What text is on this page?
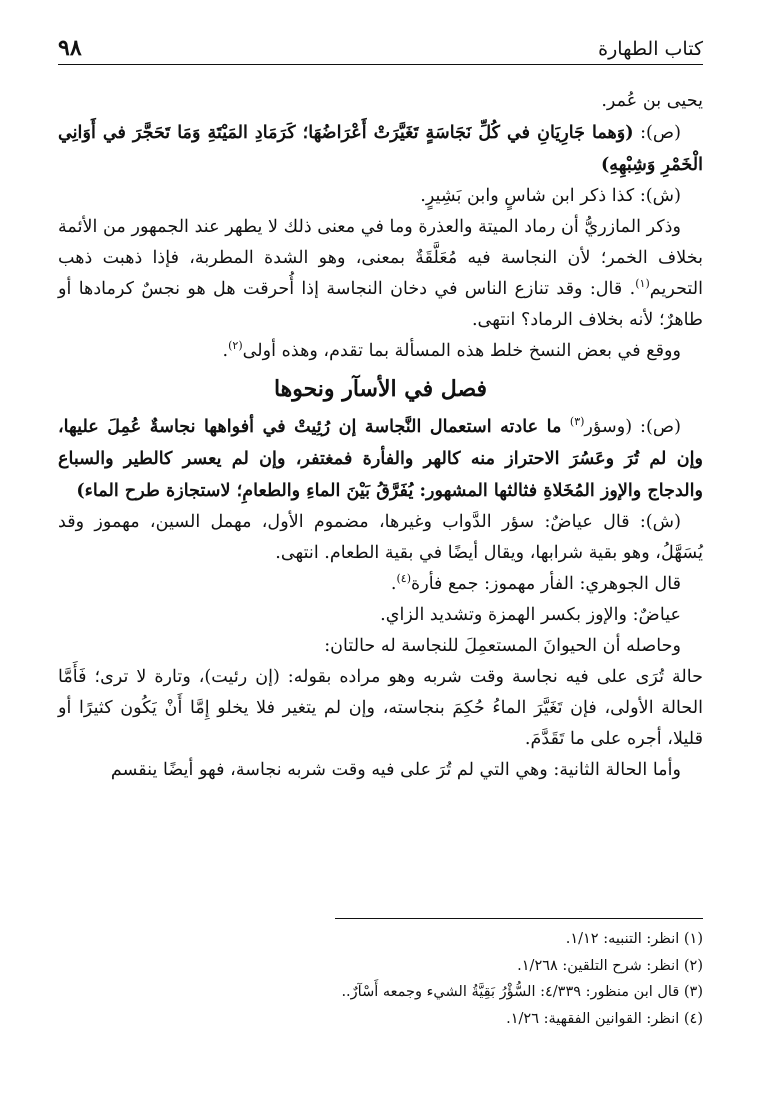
كتاب الطهارة
٩٨

يحيى بن عُمر.

(ص): (وَهما جَارِيَانِ في كُلِّ نَجَاسَةٍ تَغَيَّرَتْ أَعْرَاضُهَا؛ كَرَمَادِ المَيْتَةِ وَمَا تَحَجَّرَ في أَوَانِي الْخَمْرِ وَشِبْهِهِ)

(ش): كذا ذكر ابن شاسٍ وابن بَشِيرٍ.

وذكر المازريُّ أن رماد الميتة والعذرة وما في معنى ذلك لا يطهر عند الجمهور من الأئمة بخلاف الخمر؛ لأن النجاسة فيه مُعَلَّقَةٌ بمعنى، وهو الشدة المطربة، فإذا ذهبت ذهب التحريم$^{(١)}$. قال: وقد تنازع الناس في دخان النجاسة إذا أُحرقت هل هو نجسٌ كرمادها أو طاهرٌ؛ لأنه بخلاف الرماد؟ انتهى.

ووقع في بعض النسخ خلط هذه المسألة بما تقدم، وهذه أولى$^{(٢)}$.

فصل في الأسآر ونحوها

(ص): (وسؤر$^{(٣)}$ ما عادته استعمال النَّجاسة إن رُئِيتْ في أفواهها نجاسةٌ عُمِلَ عليها، وإن لم تُرَ وعَسُرَ الاحتراز منه كالهر والفأرة فمغتفر، وإن لم يعسر كالطير والسباع والدجاج والإوز المُخَلاةِ فثالثها المشهور: يُفَرَّقُ بَيْنَ الماءِ والطعامِ؛ لاستجازة طرح الماء)

(ش): قال عياضٌ: سؤر الدَّواب وغيرها، مضموم الأول، مهمل السين، مهموز وقد يُسَهَّلُ، وهو بقية شرابها، ويقال أيضًا في بقية الطعام. انتهى.

قال الجوهري: الفأر مهموز: جمع فأرة$^{(٤)}$.

عياضٌ: والإوز بكسر الهمزة وتشديد الزاي.

وحاصله أن الحيوانَ المستعمِلَ للنجاسة له حالتان:

حالة تُرَى على فيه نجاسة وقت شربه وهو مراده بقوله: (إن رئيت)، وتارة لا ترى؛ فَأَمَّا الحالة الأولى، فإن تَغَيَّرَ الماءُ حُكِمَ بنجاسته، وإن لم يتغير فلا يخلو إِمَّا أَنْ يَكُون كثيرًا أو قليلا، أجره على ما تَقَدَّمَ.

وأما الحالة الثانية: وهي التي لم تُرَ على فيه وقت شربه نجاسة، فهو أيضًا ينقسم

(١) انظر: التنبيه: ١/١٢.

(٢) انظر: شرح التلقين: ١/٢٦٨.

(٣) قال ابن منظور: ٤/٣٣٩: السُّؤْرُ بَقِيَّةُ الشيء وجمعه أَسْآرٌ..

(٤) انظر: القوانين الفقهية: ١/٢٦.
